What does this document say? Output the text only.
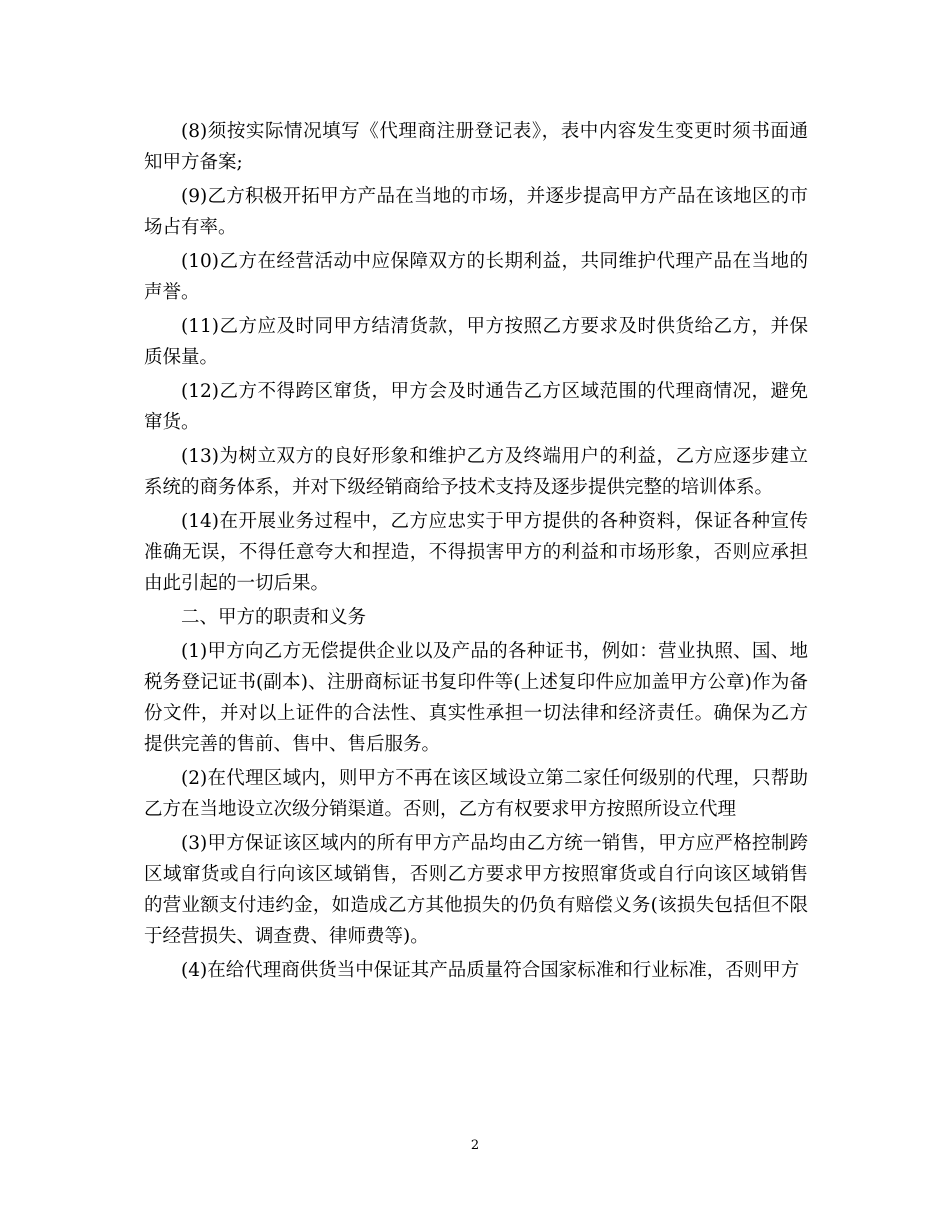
(8)须按实际情况填写《代理商注册登记表》，表中内容发生变更时须书面通知甲方备案;

(9)乙方积极开拓甲方产品在当地的市场，并逐步提高甲方产品在该地区的市场占有率。

(10)乙方在经营活动中应保障双方的长期利益，共同维护代理产品在当地的声誉。

(11)乙方应及时同甲方结清货款，甲方按照乙方要求及时供货给乙方，并保质保量。

(12)乙方不得跨区窜货，甲方会及时通告乙方区域范围的代理商情况，避免窜货。

(13)为树立双方的良好形象和维护乙方及终端用户的利益，乙方应逐步建立系统的商务体系，并对下级经销商给予技术支持及逐步提供完整的培训体系。

(14)在开展业务过程中，乙方应忠实于甲方提供的各种资料，保证各种宣传准确无误，不得任意夸大和捏造，不得损害甲方的利益和市场形象，否则应承担由此引起的一切后果。

二、甲方的职责和义务

(1)甲方向乙方无偿提供企业以及产品的各种证书，例如：营业执照、国、地税务登记证书(副本)、注册商标证书复印件等(上述复印件应加盖甲方公章)作为备份文件，并对以上证件的合法性、真实性承担一切法律和经济责任。确保为乙方提供完善的售前、售中、售后服务。

(2)在代理区域内，则甲方不再在该区域设立第二家任何级别的代理，只帮助乙方在当地设立次级分销渠道。否则，乙方有权要求甲方按照所设立代理

(3)甲方保证该区域内的所有甲方产品均由乙方统一销售，甲方应严格控制跨区域窜货或自行向该区域销售，否则乙方要求甲方按照窜货或自行向该区域销售的营业额支付违约金，如造成乙方其他损失的仍负有赔偿义务(该损失包括但不限于经营损失、调查费、律师费等)。

(4)在给代理商供货当中保证其产品质量符合国家标准和行业标准，否则甲方

2
